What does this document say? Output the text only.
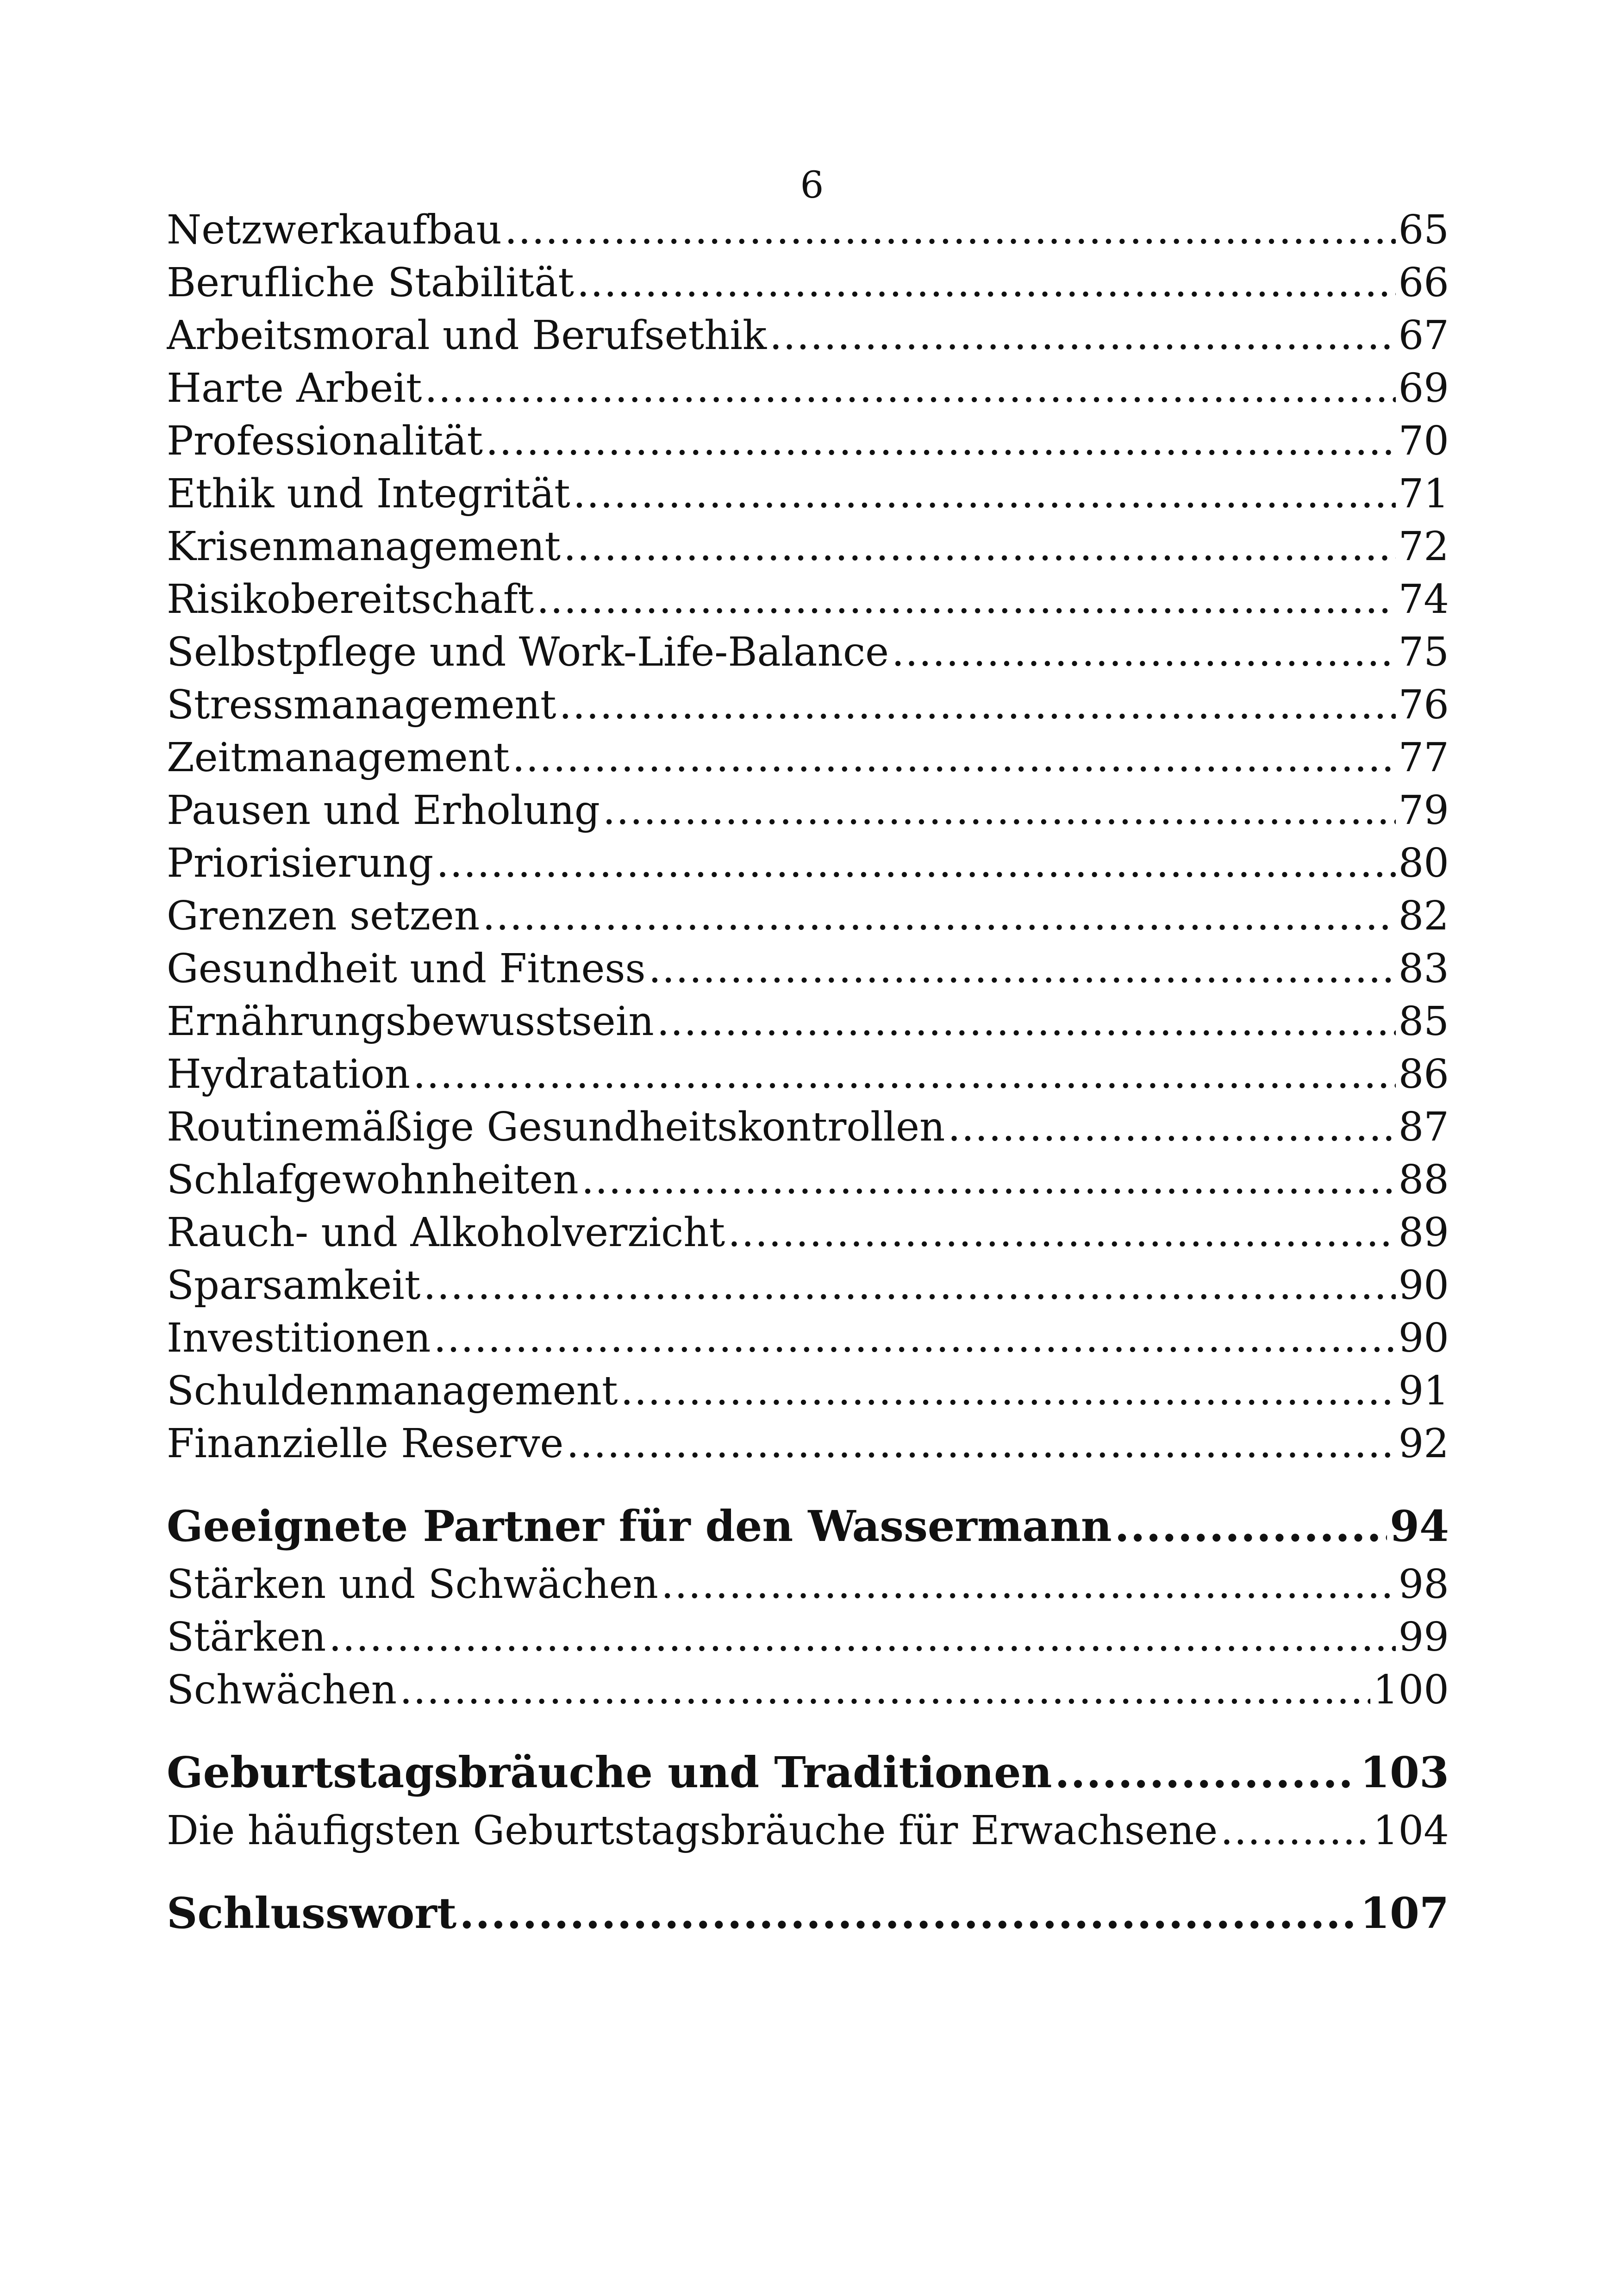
6
Netzwerkaufbau .....	65
Berufliche Stabilität .....	66
Arbeitsmoral und Berufsethik .....	67
Harte Arbeit .....	69
Professionalität .....	70
Ethik und Integrität .....	71
Krisenmanagement .....	72
Risikobereitschaft .....	74
Selbstpflege und Work-Life-Balance .....	75
Stressmanagement .....	76
Zeitmanagement .....	77
Pausen und Erholung .....	79
Priorisierung .....	80
Grenzen setzen .....	82
Gesundheit und Fitness .....	83
Ernährungsbewusstsein .....	85
Hydratation .....	86
Routinemäßige Gesundheitskontrollen .....	87
Schlafgewohnheiten .....	88
Rauch- und Alkoholverzicht .....	89
Sparsamkeit .....	90
Investitionen .....	90
Schuldenmanagement .....	91
Finanzielle Reserve .....	92
Geeignete Partner für den Wassermann .....	94
Stärken und Schwächen .....	98
Stärken .....	99
Schwächen .....	100
Geburtstagsbräuche und Traditionen .....	103
Die häufigsten Geburtstagsbräuche für Erwachsene .....	104
Schlusswort .....	107
